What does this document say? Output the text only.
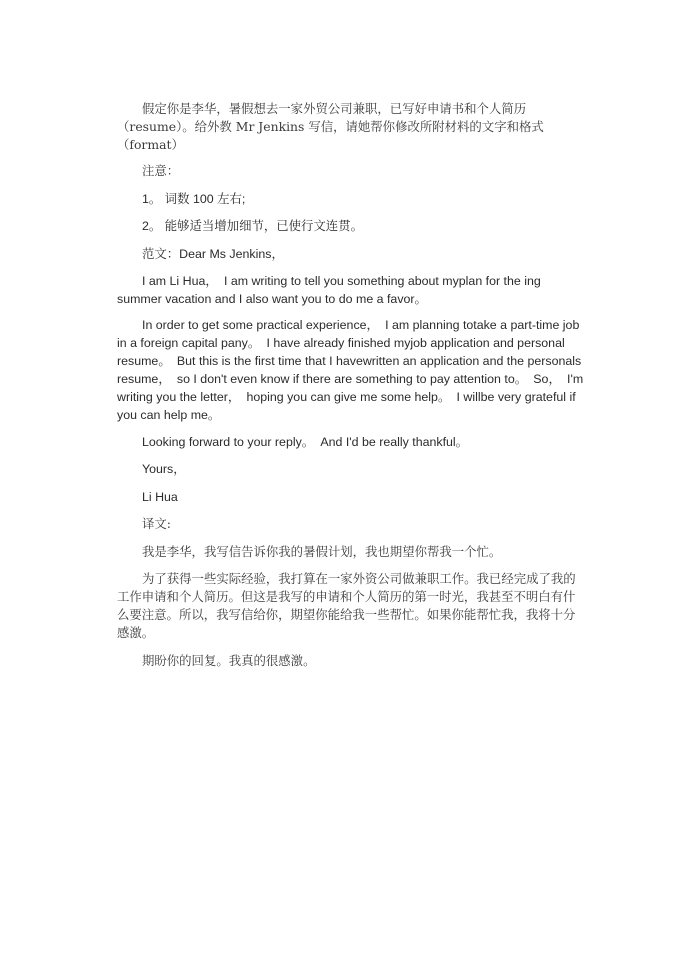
假定你是李华，暑假想去一家外贸公司兼职，已写好申请书和个人简历
（resume）。给外教 Mr Jenkins 写信，请她帮你修改所附材料的文字和格式
（format）

注意：

1。 词数 100 左右;

2。 能够适当增加细节，已使行文连贯。

范文：Dear Ms Jenkins，

I am Li Hua，　I am writing to tell you something about myplan for the ing summer vacation and I also want you to do me a favor。

In order to get some practical experience，　I am planning totake a part-time job in a foreign capital pany。　I have already finished myjob application and personal resume。　But this is the first time that I havewritten an application and the personals resume，　so I don't even know if there are something to pay attention to。　So，　I'm writing you the letter，　hoping you can give me some help。　I willbe very grateful if you can help me。

Looking forward to your reply。　And I'd be really thankful。

Yours，

Li Hua

译文:

我是李华，我写信告诉你我的暑假计划，我也期望你帮我一个忙。

为了获得一些实际经验，我打算在一家外资公司做兼职工作。我已经完成了我的工作申请和个人简历。但这是我写的申请和个人简历的第一时光，我甚至不明白有什么要注意。所以，我写信给你，期望你能给我一些帮忙。如果你能帮忙我，我将十分感激。

期盼你的回复。我真的很感激。
